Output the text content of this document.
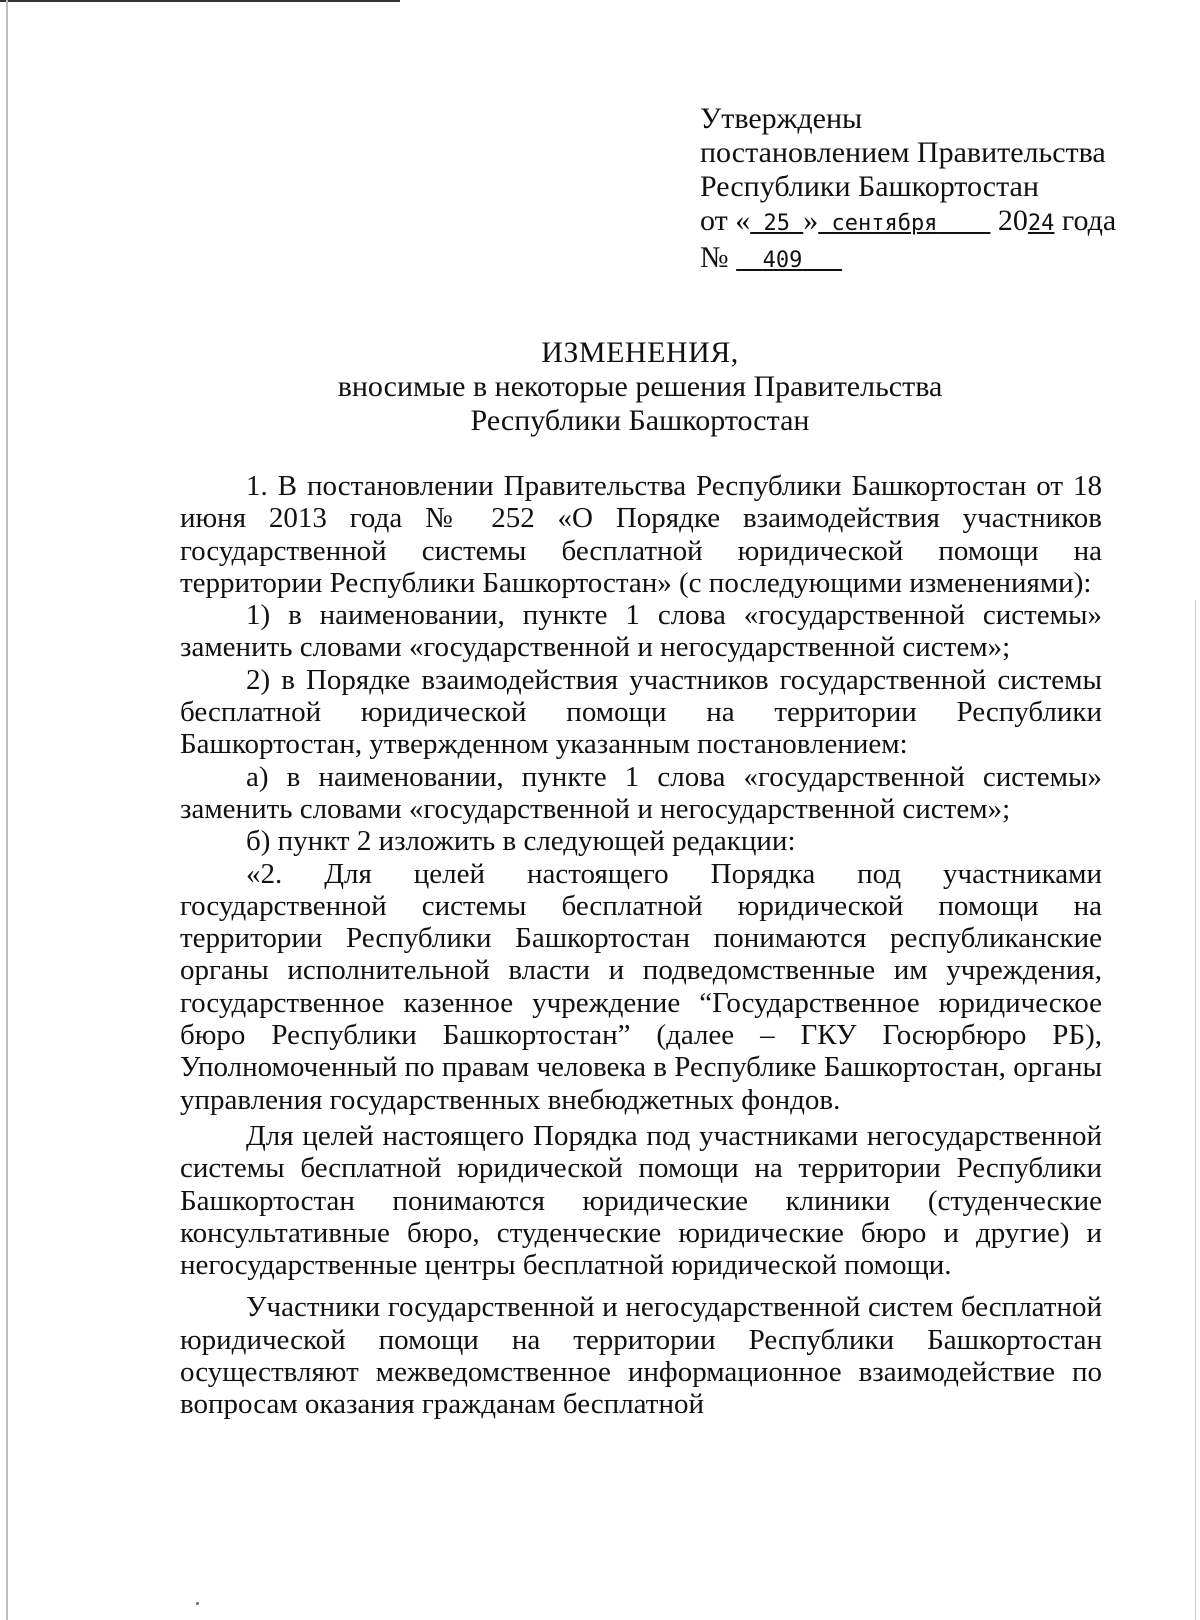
Утверждены
постановлением Правительства
Республики Башкортостан
от « 25 » сентября 2024 года
№ 409
ИЗМЕНЕНИЯ,
вносимые в некоторые решения Правительства
Республики Башкортостан

1. В постановлении Правительства Республики Башкортостан от 18 июня 2013 года № 252 «О Порядке взаимодействия участников государственной системы бесплатной юридической помощи на территории Республики Башкортостан» (с последующими изменениями):

1) в наименовании, пункте 1 слова «государственной системы» заменить словами «государственной и негосударственной систем»;

2) в Порядке взаимодействия участников государственной системы бесплатной юридической помощи на территории Республики Башкортостан, утвержденном указанным постановлением:

а) в наименовании, пункте 1 слова «государственной системы» заменить словами «государственной и негосударственной систем»;

б) пункт 2 изложить в следующей редакции:

«2. Для целей настоящего Порядка под участниками государственной системы бесплатной юридической помощи на территории Республики Башкортостан понимаются республиканские органы исполнительной власти и подведомственные им учреждения, государственное казенное учреждение “Государственное юридическое бюро Республики Башкортостан” (далее – ГКУ Госюрбюро РБ), Уполномоченный по правам человека в Республике Башкортостан, органы управления государственных внебюджетных фондов.

Для целей настоящего Порядка под участниками негосударственной системы бесплатной юридической помощи на территории Республики Башкортостан понимаются юридические клиники (студенческие консультативные бюро, студенческие юридические бюро и другие) и негосударственные центры бесплатной юридической помощи.

Участники государственной и негосударственной систем бесплатной юридической помощи на территории Республики Башкортостан осуществляют межведомственное информационное взаимодействие по вопросам оказания гражданам бесплатной
